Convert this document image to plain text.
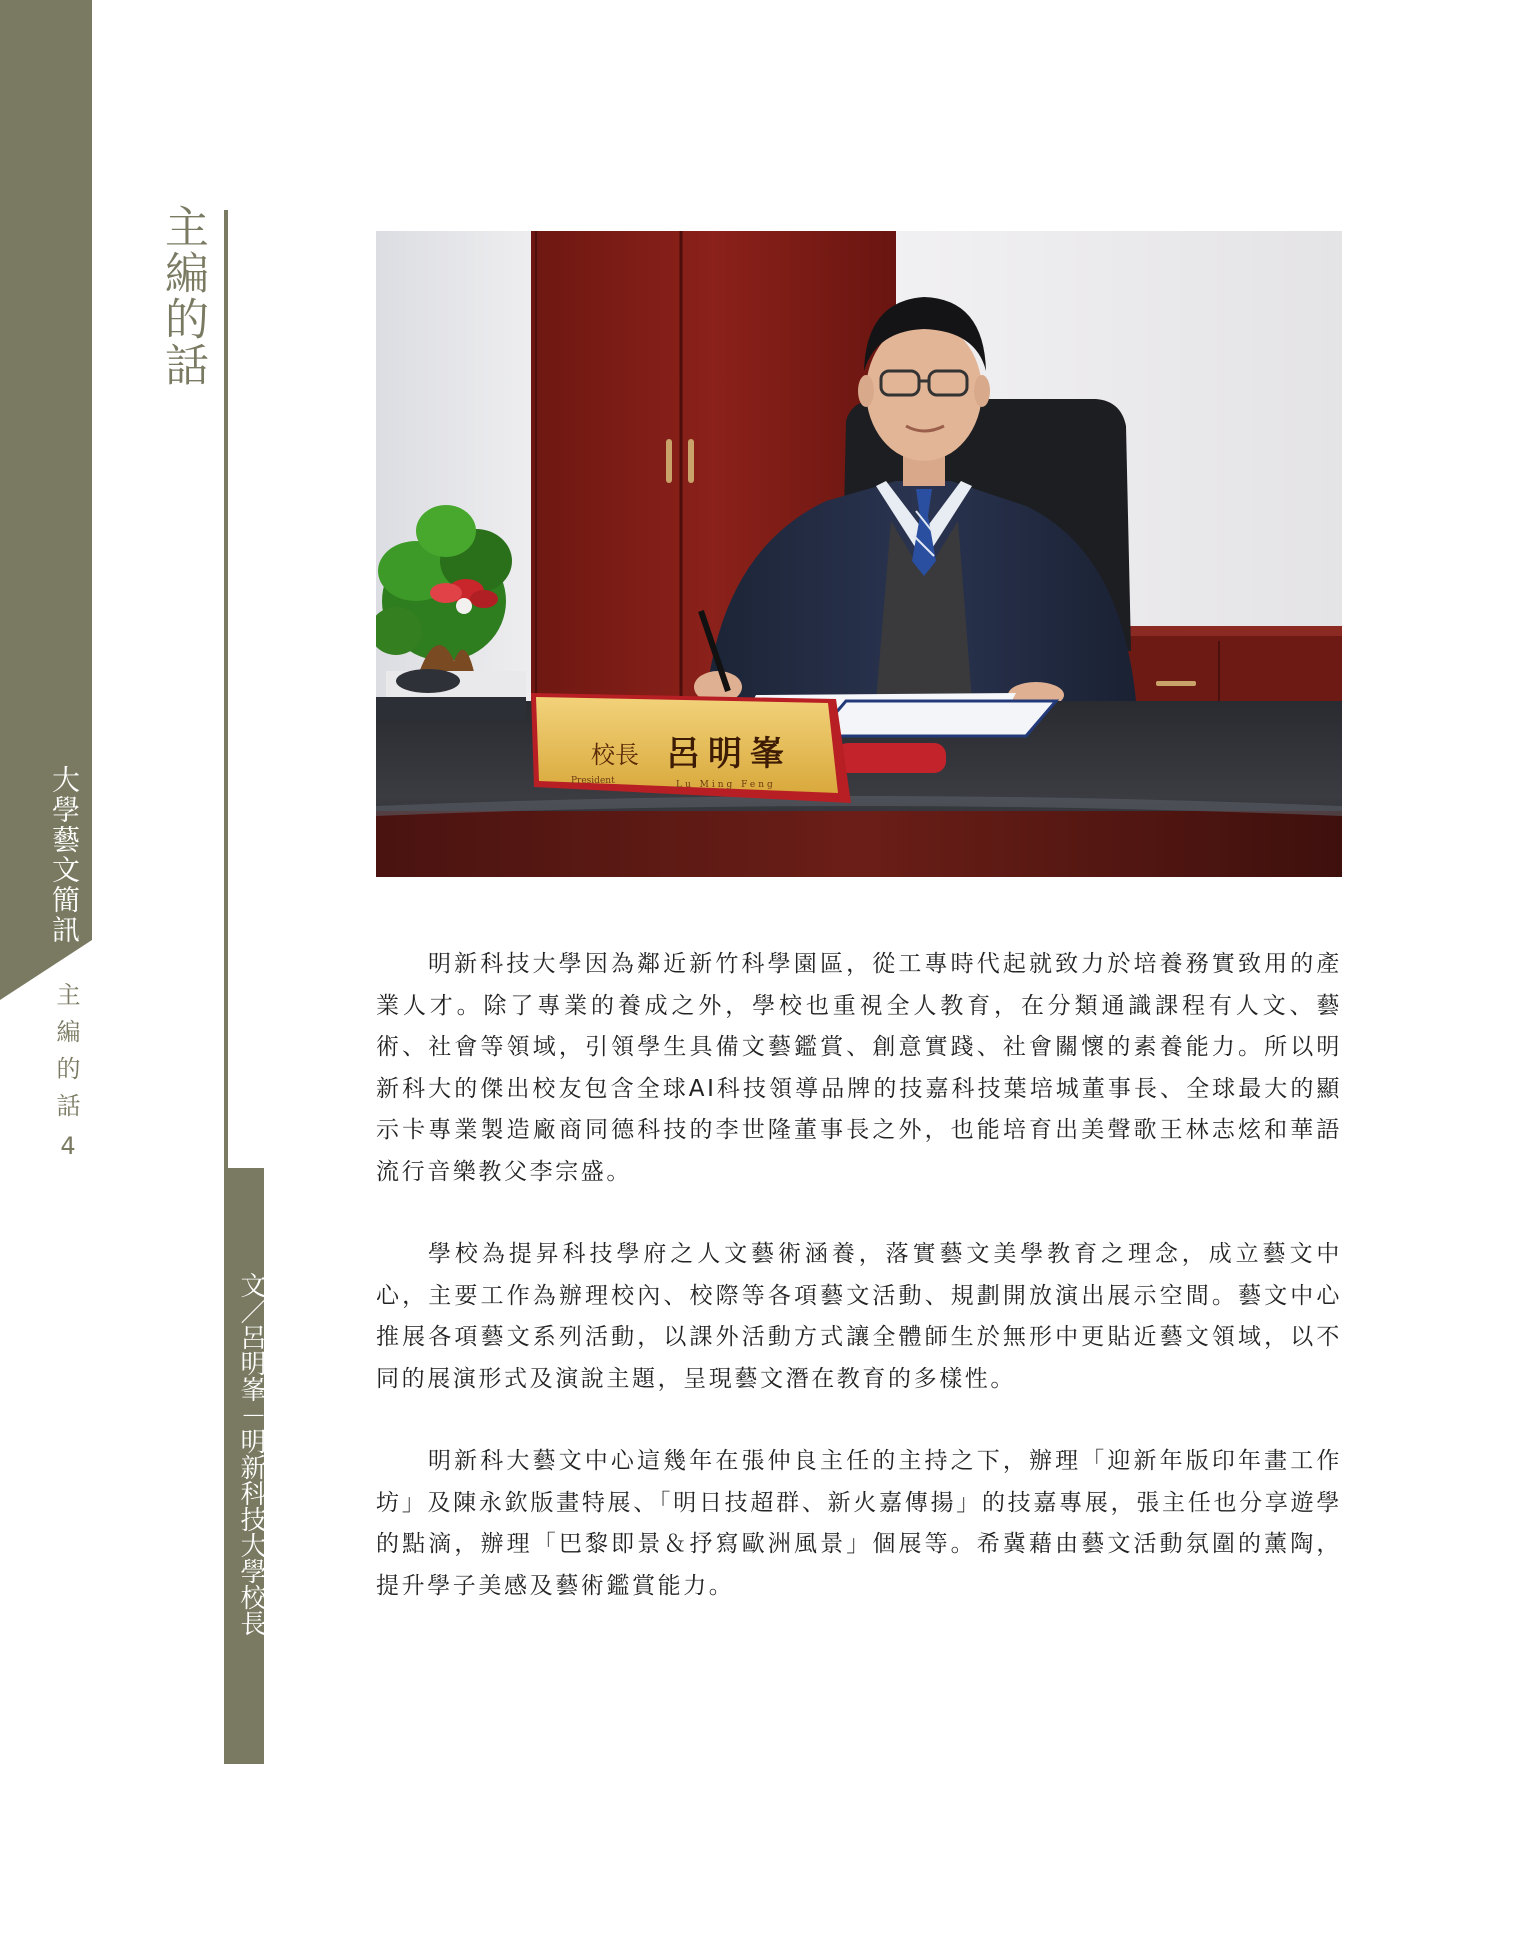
大學藝文簡訊
主編的話
4
主編的話
文／呂明峯－明新科技大學校長
校長 呂明峯
President	Lu Ming Feng

明新科技大學因為鄰近新竹科學園區，從工專時代起就致力於培養務實致用的產業人才。除了專業的養成之外，學校也重視全人教育，在分類通識課程有人文、藝術、社會等領域，引領學生具備文藝鑑賞、創意實踐、社會關懷的素養能力。所以明新科大的傑出校友包含全球AI科技領導品牌的技嘉科技葉培城董事長、全球最大的顯示卡專業製造廠商同德科技的李世隆董事長之外，也能培育出美聲歌王林志炫和華語流行音樂教父李宗盛。

學校為提昇科技學府之人文藝術涵養，落實藝文美學教育之理念，成立藝文中心，主要工作為辦理校內、校際等各項藝文活動、規劃開放演出展示空間。藝文中心推展各項藝文系列活動，以課外活動方式讓全體師生於無形中更貼近藝文領域，以不同的展演形式及演說主題，呈現藝文潛在教育的多樣性。

明新科大藝文中心這幾年在張仲良主任的主持之下，辦理「迎新年版印年畫工作坊」及陳永欽版畫特展、「明日技超群、新火嘉傳揚」的技嘉專展，張主任也分享遊學的點滴，辦理「巴黎即景＆抒寫歐洲風景」個展等。希冀藉由藝文活動氛圍的薰陶，提升學子美感及藝術鑑賞能力。
